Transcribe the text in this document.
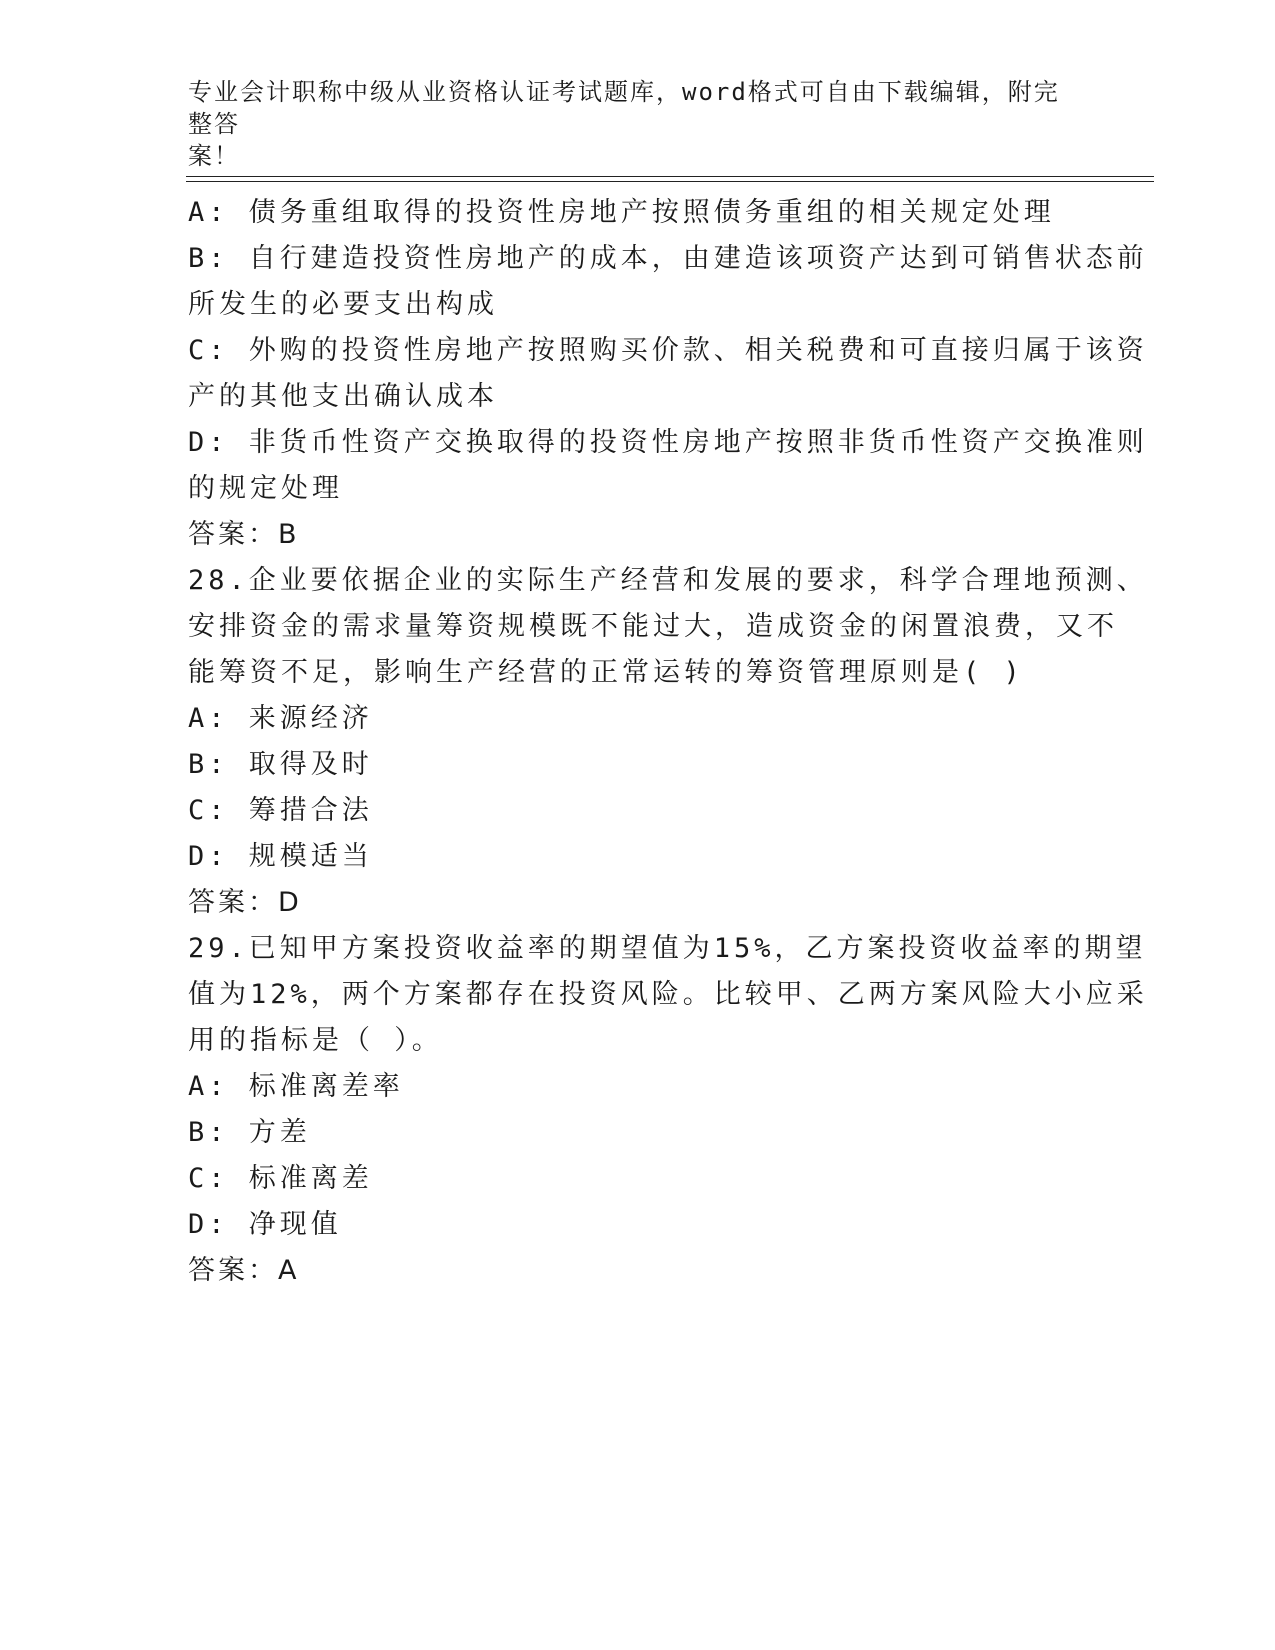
专业会计职称中级从业资格认证考试题库，word格式可自由下载编辑，附完整答
案！
A: 债务重组取得的投资性房地产按照债务重组的相关规定处理
B: 自行建造投资性房地产的成本，由建造该项资产达到可销售状态前
所发生的必要支出构成
C: 外购的投资性房地产按照购买价款、相关税费和可直接归属于该资
产的其他支出确认成本
D: 非货币性资产交换取得的投资性房地产按照非货币性资产交换准则
的规定处理
答案：B
28.企业要依据企业的实际生产经营和发展的要求，科学合理地预测、
安排资金的需求量筹资规模既不能过大，造成资金的闲置浪费，又不
能筹资不足，影响生产经营的正常运转的筹资管理原则是( )
A: 来源经济
B: 取得及时
C: 筹措合法
D: 规模适当
答案：D
29.已知甲方案投资收益率的期望值为15%，乙方案投资收益率的期望
值为12%，两个方案都存在投资风险。比较甲、乙两方案风险大小应采
用的指标是（ ）。
A: 标准离差率
B: 方差
C: 标准离差
D: 净现值
答案：A
